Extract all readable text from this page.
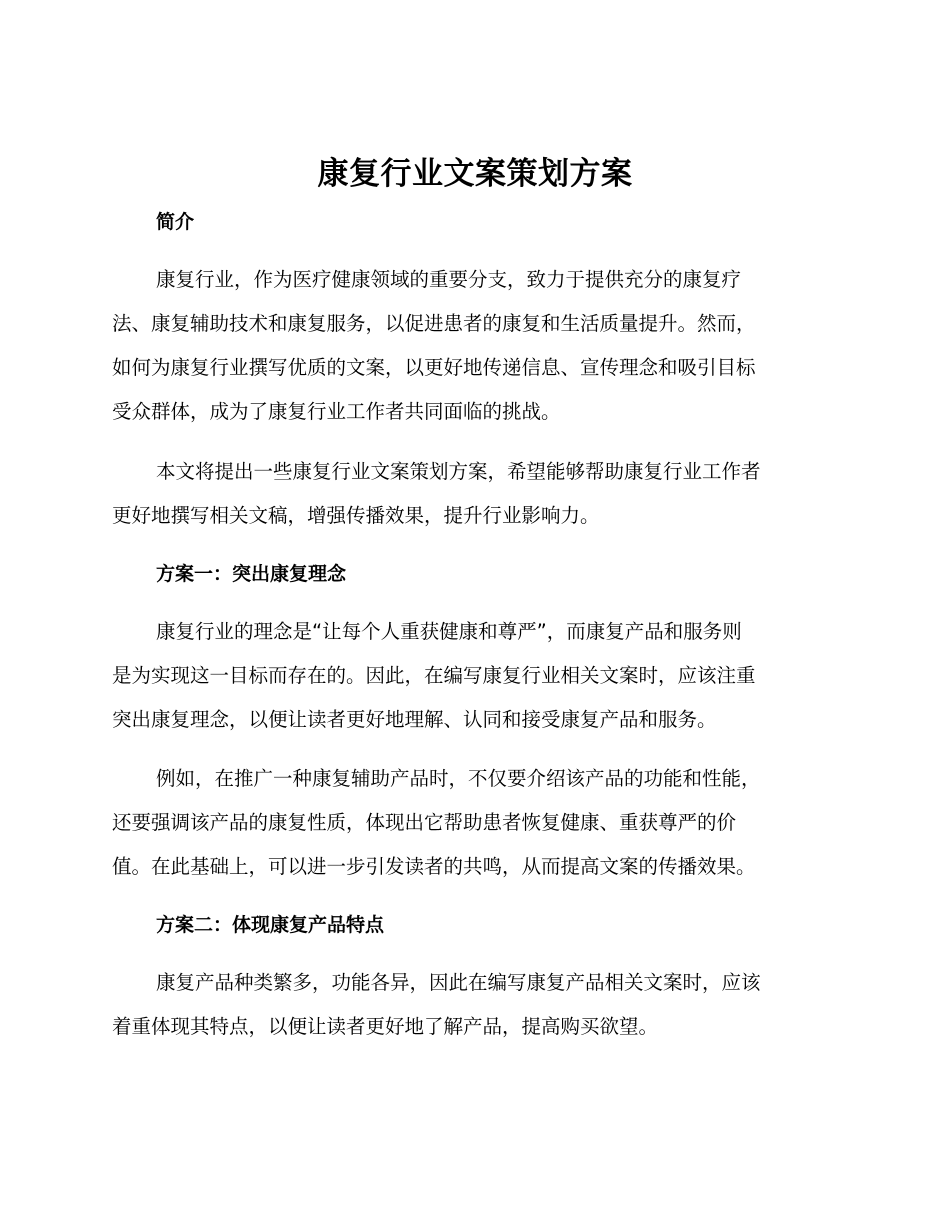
康复行业文案策划方案
简介
康复行业，作为医疗健康领域的重要分支，致力于提供充分的康复疗
法、康复辅助技术和康复服务，以促进患者的康复和生活质量提升。然而，
如何为康复行业撰写优质的文案，以更好地传递信息、宣传理念和吸引目标
受众群体，成为了康复行业工作者共同面临的挑战。
本文将提出一些康复行业文案策划方案，希望能够帮助康复行业工作者
更好地撰写相关文稿，增强传播效果，提升行业影响力。
方案一：突出康复理念
康复行业的理念是“让每个人重获健康和尊严”，而康复产品和服务则
是为实现这一目标而存在的。因此，在编写康复行业相关文案时，应该注重
突出康复理念，以便让读者更好地理解、认同和接受康复产品和服务。
例如，在推广一种康复辅助产品时，不仅要介绍该产品的功能和性能，
还要强调该产品的康复性质，体现出它帮助患者恢复健康、重获尊严的价
值。在此基础上，可以进一步引发读者的共鸣，从而提高文案的传播效果。
方案二：体现康复产品特点
康复产品种类繁多，功能各异，因此在编写康复产品相关文案时，应该
着重体现其特点，以便让读者更好地了解产品，提高购买欲望。
